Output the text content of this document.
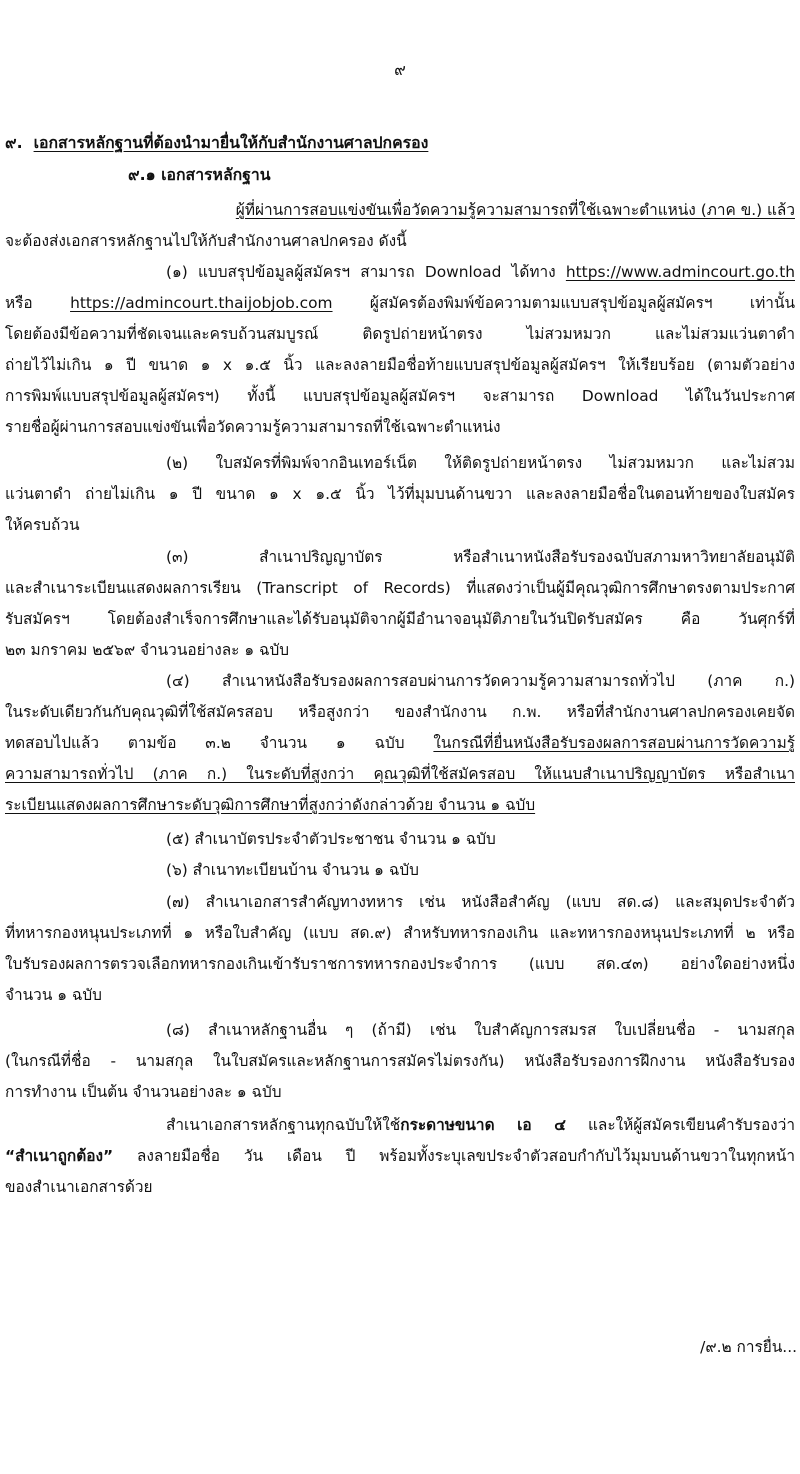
๙
๙. เอกสารหลักฐานที่ต้องนำมายื่นให้กับสำนักงานศาลปกครอง
๙.๑ เอกสารหลักฐาน
ผู้ที่ผ่านการสอบแข่งขันเพื่อวัดความรู้ความสามารถที่ใช้เฉพาะตำแหน่ง (ภาค ข.) แล้ว
จะต้องส่งเอกสารหลักฐานไปให้กับสำนักงานศาลปกครอง ดังนี้
(๑) แบบสรุปข้อมูลผู้สมัครฯ สามารถ Download ได้ทาง https://www.admincourt.go.th
หรือ https://admincourt.thaijobjob.com ผู้สมัครต้องพิมพ์ข้อความตามแบบสรุปข้อมูลผู้สมัครฯ เท่านั้น
โดยต้องมีข้อความที่ชัดเจนและครบถ้วนสมบูรณ์ ติดรูปถ่ายหน้าตรง ไม่สวมหมวก และไม่สวมแว่นตาดำ
ถ่ายไว้ไม่เกิน ๑ ปี ขนาด ๑ x ๑.๕ นิ้ว และลงลายมือชื่อท้ายแบบสรุปข้อมูลผู้สมัครฯ ให้เรียบร้อย (ตามตัวอย่าง
การพิมพ์แบบสรุปข้อมูลผู้สมัครฯ) ทั้งนี้ แบบสรุปข้อมูลผู้สมัครฯ จะสามารถ Download ได้ในวันประกาศ
รายชื่อผู้ผ่านการสอบแข่งขันเพื่อวัดความรู้ความสามารถที่ใช้เฉพาะตำแหน่ง
(๒) ใบสมัครที่พิมพ์จากอินเทอร์เน็ต ให้ติดรูปถ่ายหน้าตรง ไม่สวมหมวก และไม่สวม
แว่นตาดำ ถ่ายไม่เกิน ๑ ปี ขนาด ๑ x ๑.๕ นิ้ว ไว้ที่มุมบนด้านขวา และลงลายมือชื่อในตอนท้ายของใบสมัคร
ให้ครบถ้วน
(๓) สำเนาปริญญาบัตร หรือสำเนาหนังสือรับรองฉบับสภามหาวิทยาลัยอนุมัติ
และสำเนาระเบียนแสดงผลการเรียน (Transcript of Records) ที่แสดงว่าเป็นผู้มีคุณวุฒิการศึกษาตรงตามประกาศ
รับสมัครฯ โดยต้องสำเร็จการศึกษาและได้รับอนุมัติจากผู้มีอำนาจอนุมัติภายในวันปิดรับสมัคร คือ วันศุกร์ที่
๒๓ มกราคม ๒๕๖๙ จำนวนอย่างละ ๑ ฉบับ
(๔) สำเนาหนังสือรับรองผลการสอบผ่านการวัดความรู้ความสามารถทั่วไป (ภาค ก.)
ในระดับเดียวกันกับคุณวุฒิที่ใช้สมัครสอบ หรือสูงกว่า ของสำนักงาน ก.พ. หรือที่สำนักงานศาลปกครองเคยจัด
ทดสอบไปแล้ว ตามข้อ ๓.๒ จำนวน ๑ ฉบับ ในกรณีที่ยื่นหนังสือรับรองผลการสอบผ่านการวัดความรู้
ความสามารถทั่วไป (ภาค ก.) ในระดับที่สูงกว่า คุณวุฒิที่ใช้สมัครสอบ ให้แนบสำเนาปริญญาบัตร หรือสำเนา
ระเบียนแสดงผลการศึกษาระดับวุฒิการศึกษาที่สูงกว่าดังกล่าวด้วย จำนวน ๑ ฉบับ
(๕) สำเนาบัตรประจำตัวประชาชน จำนวน ๑ ฉบับ
(๖) สำเนาทะเบียนบ้าน จำนวน ๑ ฉบับ
(๗) สำเนาเอกสารสำคัญทางทหาร เช่น หนังสือสำคัญ (แบบ สด.๘) และสมุดประจำตัว
ที่ทหารกองหนุนประเภทที่ ๑ หรือใบสำคัญ (แบบ สด.๙) สำหรับทหารกองเกิน และทหารกองหนุนประเภทที่ ๒ หรือ
ใบรับรองผลการตรวจเลือกทหารกองเกินเข้ารับราชการทหารกองประจำการ (แบบ สด.๔๓) อย่างใดอย่างหนึ่ง
จำนวน ๑ ฉบับ
(๘) สำเนาหลักฐานอื่น ๆ (ถ้ามี) เช่น ใบสำคัญการสมรส ใบเปลี่ยนชื่อ - นามสกุล
(ในกรณีที่ชื่อ - นามสกุล ในใบสมัครและหลักฐานการสมัครไม่ตรงกัน) หนังสือรับรองการฝึกงาน หนังสือรับรอง
การทำงาน เป็นต้น จำนวนอย่างละ ๑ ฉบับ
สำเนาเอกสารหลักฐานทุกฉบับให้ใช้กระดาษขนาด เอ ๔ และให้ผู้สมัครเขียนคำรับรองว่า
“สำเนาถูกต้อง” ลงลายมือชื่อ วัน เดือน ปี พร้อมทั้งระบุเลขประจำตัวสอบกำกับไว้มุมบนด้านขวาในทุกหน้า
ของสำเนาเอกสารด้วย
/๙.๒ การยื่น...
